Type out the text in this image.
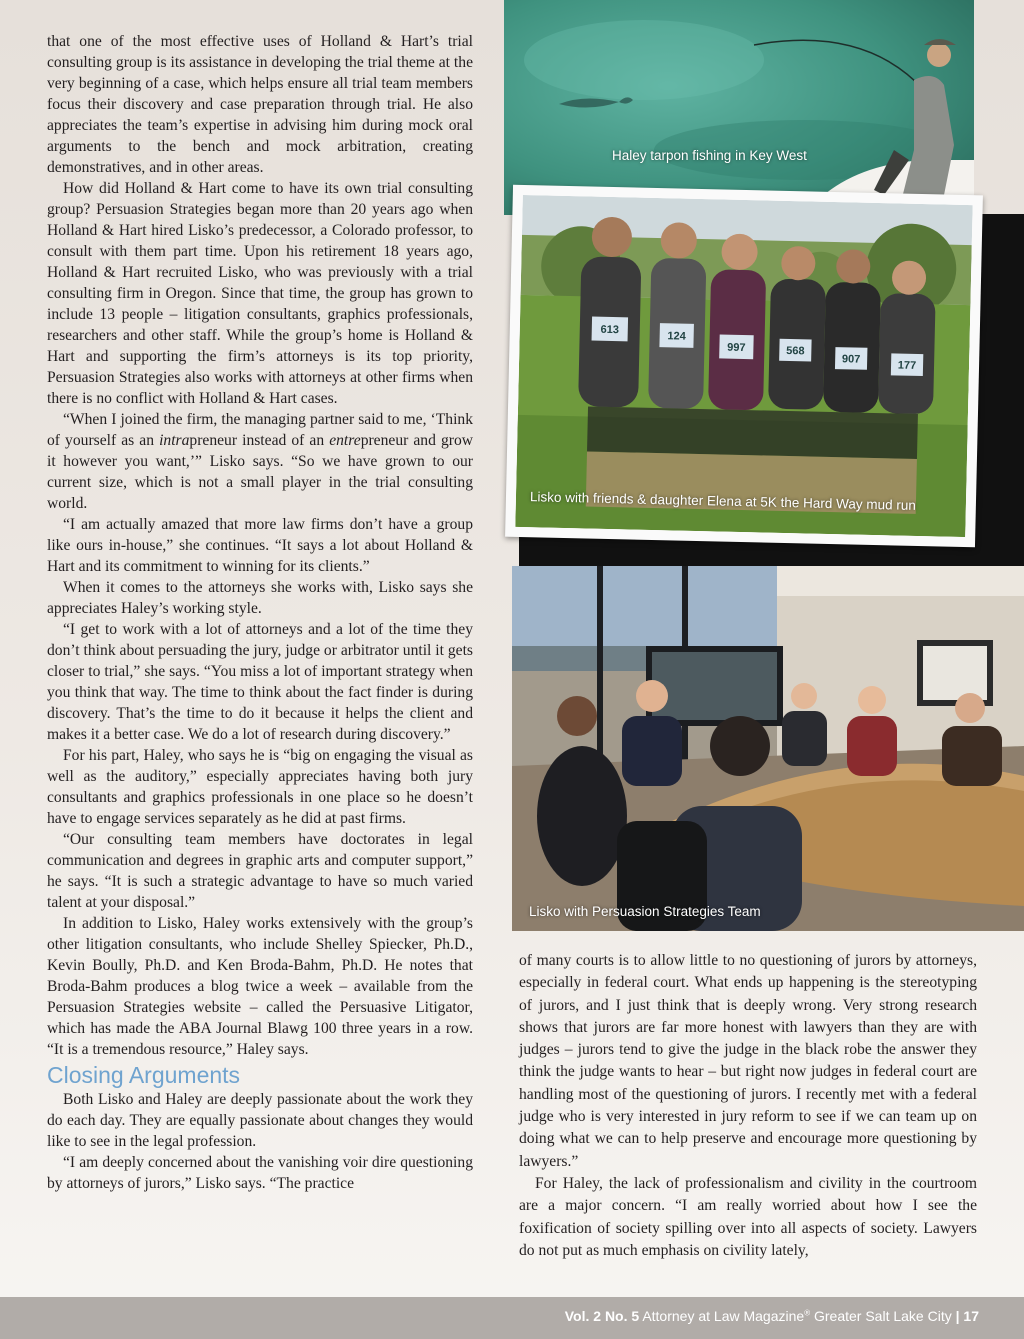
that one of the most effective uses of Holland & Hart’s trial consulting group is its assistance in developing the trial theme at the very beginning of a case, which helps ensure all trial team members focus their discovery and case preparation through trial. He also appreciates the team’s expertise in advising him during mock oral arguments to the bench and mock arbitration, creating demonstratives, and in other areas.

How did Holland & Hart come to have its own trial consulting group? Persuasion Strategies began more than 20 years ago when Holland & Hart hired Lisko’s predecessor, a Colorado professor, to consult with them part time. Upon his retirement 18 years ago, Holland & Hart recruited Lisko, who was previously with a trial consulting firm in Oregon. Since that time, the group has grown to include 13 people – litigation consultants, graphics professionals, researchers and other staff. While the group’s home is Holland & Hart and supporting the firm’s attorneys is its top priority, Persuasion Strategies also works with attorneys at other firms when there is no conflict with Holland & Hart cases.

“When I joined the firm, the managing partner said to me, ‘Think of yourself as an intrapreneur instead of an entrepreneur and grow it however you want,’” Lisko says. “So we have grown to our current size, which is not a small player in the trial consulting world.

“I am actually amazed that more law firms don’t have a group like ours in-house,” she continues. “It says a lot about Holland & Hart and its commitment to winning for its clients.”

When it comes to the attorneys she works with, Lisko says she appreciates Haley’s working style.

“I get to work with a lot of attorneys and a lot of the time they don’t think about persuading the jury, judge or arbitrator until it gets closer to trial,” she says. “You miss a lot of important strategy when you think that way. The time to think about the fact finder is during discovery. That’s the time to do it because it helps the client and makes it a better case. We do a lot of research during discovery.”

For his part, Haley, who says he is “big on engaging the visual as well as the auditory,” especially appreciates having both jury consultants and graphics professionals in one place so he doesn’t have to engage services separately as he did at past firms.

“Our consulting team members have doctorates in legal communication and degrees in graphic arts and computer support,” he says. “It is such a strategic advantage to have so much varied talent at your disposal.”

In addition to Lisko, Haley works extensively with the group’s other litigation consultants, who include Shelley Spiecker, Ph.D., Kevin Boully, Ph.D. and Ken Broda-Bahm, Ph.D. He notes that Broda-Bahm produces a blog twice a week – available from the Persuasion Strategies website – called the Persuasive Litigator, which has made the ABA Journal Blawg 100 three years in a row. “It is a tremendous resource,” Haley says.

Closing Arguments

Both Lisko and Haley are deeply passionate about the work they do each day. They are equally passionate about changes they would like to see in the legal profession.

“I am deeply concerned about the vanishing voir dire questioning by attorneys of jurors,” Lisko says. “The practice

Haley tarpon fishing in Key West
613
124
997	568
907
177
Lisko with friends & daughter Elena at 5K the Hard Way mud run
Lisko with Persuasion Strategies Team

of many courts is to allow little to no questioning of jurors by attorneys, especially in federal court. What ends up happening is the stereotyping of jurors, and I just think that is deeply wrong. Very strong research shows that jurors are far more honest with lawyers than they are with judges – jurors tend to give the judge in the black robe the answer they think the judge wants to hear – but right now judges in federal court are handling most of the questioning of jurors. I recently met with a federal judge who is very interested in jury reform to see if we can team up on doing what we can to help preserve and encourage more questioning by lawyers.”

For Haley, the lack of professionalism and civility in the courtroom are a major concern. “I am really worried about how I see the foxification of society spilling over into all aspects of society. Lawyers do not put as much emphasis on civility lately,

Vol. 2 No. 5 Attorney at Law Magazine® Greater Salt Lake City | 17
